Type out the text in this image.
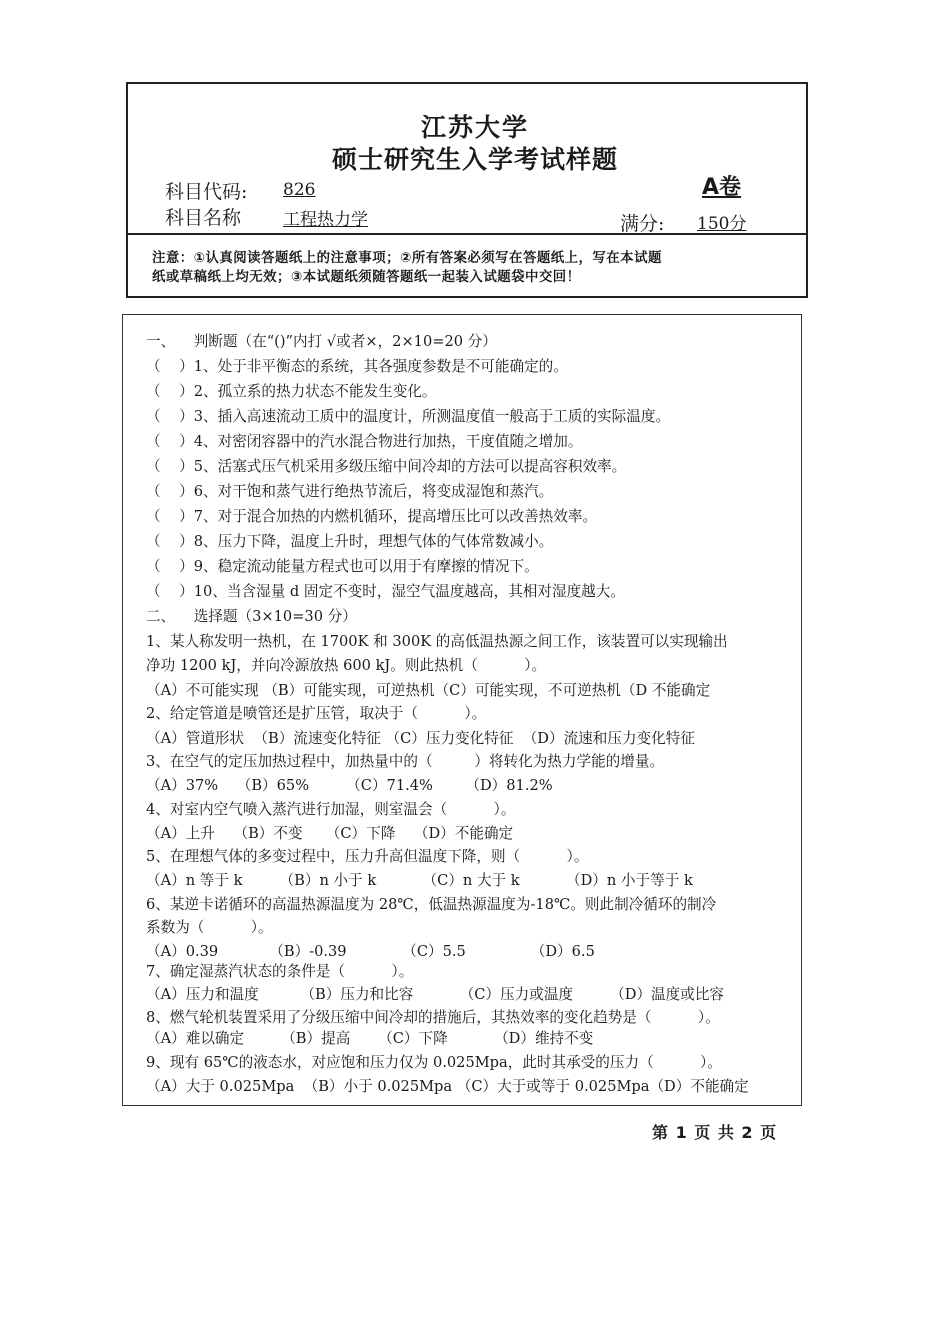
江苏大学
硕士研究生入学考试样题
科目代码: 826	A卷
科目名称 工程热力学	满分: 150分
注意：①认真阅读答题纸上的注意事项；②所有答案必须写在答题纸上，写在本试题
纸或草稿纸上均无效；③本试题纸须随答题纸一起装入试题袋中交回！
一、    判断题（在“()”内打 √或者×，2×10=20 分）
（    ）1、处于非平衡态的系统，其各强度参数是不可能确定的。
（    ）2、孤立系的热力状态不能发生变化。
（    ）3、插入高速流动工质中的温度计，所测温度值一般高于工质的实际温度。
（    ）4、对密闭容器中的汽水混合物进行加热，干度值随之增加。
（    ）5、活塞式压气机采用多级压缩中间冷却的方法可以提高容积效率。
（    ）6、对干饱和蒸气进行绝热节流后，将变成湿饱和蒸汽。
（    ）7、对于混合加热的内燃机循环，提高增压比可以改善热效率。
（    ）8、压力下降，温度上升时，理想气体的气体常数减小。
（    ）9、稳定流动能量方程式也可以用于有摩擦的情况下。
（    ）10、当含湿量 d 固定不变时，湿空气温度越高，其相对湿度越大。
二、    选择题（3×10=30 分）
1、某人称发明一热机，在 1700K 和 300K 的高低温热源之间工作，该装置可以实现输出
净功 1200 kJ，并向冷源放热 600 kJ。则此热机（          ）。
（A）不可能实现 （B）可能实现，可逆热机（C）可能实现，不可逆热机（D 不能确定
2、给定管道是喷管还是扩压管，取决于（          ）。
（A）管道形状  （B）流速变化特征 （C）压力变化特征  （D）流速和压力变化特征
3、在空气的定压加热过程中，加热量中的（         ）将转化为热力学能的增量。
（A）37%    （B）65%        （C）71.4%       （D）81.2%
4、对室内空气喷入蒸汽进行加湿，则室温会（          ）。
（A）上升    （B）不变     （C）下降    （D）不能确定
5、在理想气体的多变过程中，压力升高但温度下降，则（          ）。
（A）n 等于 k        （B）n 小于 k          （C）n 大于 k          （D）n 小于等于 k
6、某逆卡诺循环的高温热源温度为 28℃，低温热源温度为-18℃。则此制冷循环的制冷
系数为（          ）。
（A）0.39           （B）-0.39            （C）5.5              （D）6.5
7、确定湿蒸汽状态的条件是（          ）。
（A）压力和温度         （B）压力和比容          （C）压力或温度        （D）温度或比容
8、燃气轮机装置采用了分级压缩中间冷却的措施后，其热效率的变化趋势是（          ）。
（A）难以确定        （B）提高      （C）下降          （D）维持不变
9、现有 65℃的液态水，对应饱和压力仅为 0.025Mpa，此时其承受的压力（          ）。
（A）大于 0.025Mpa  （B）小于 0.025Mpa （C）大于或等于 0.025Mpa（D）不能确定
第 1 页 共 2 页
